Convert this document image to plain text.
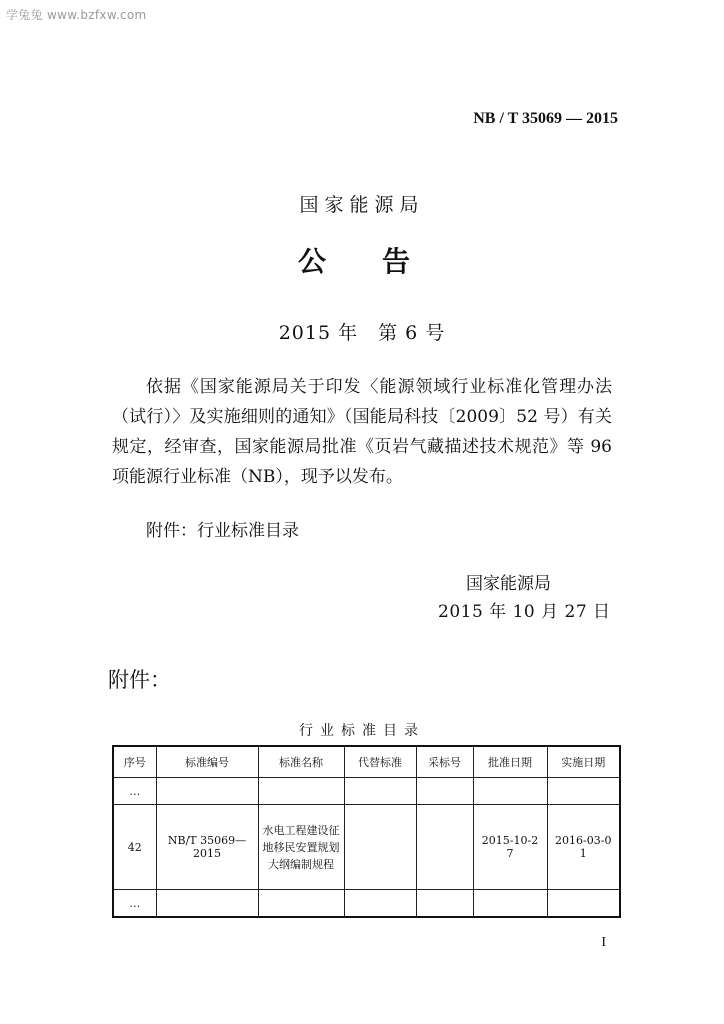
学兔兔 www.bzfxw.com
NB / T 35069 — 2015
国家能源局
公告
2015 年　第 6 号
依据《国家能源局关于印发〈能源领域行业标准化管理办法（试行）〉及实施细则的通知》（国能局科技〔2009〕52 号）有关规定，经审查，国家能源局批准《页岩气藏描述技术规范》等 96 项能源行业标准（NB），现予以发布。
附件：行业标准目录
国家能源局
2015 年 10 月 27 日
附件：
行业标准目录
序号	标准编号	标准名称	代替标准	采标号	批准日期	实施日期
…						
42	NB/T 35069—2015	水电工程建设征地移民安置规划大纲编制规程			2015-10-27	2016-03-01
…						
I
